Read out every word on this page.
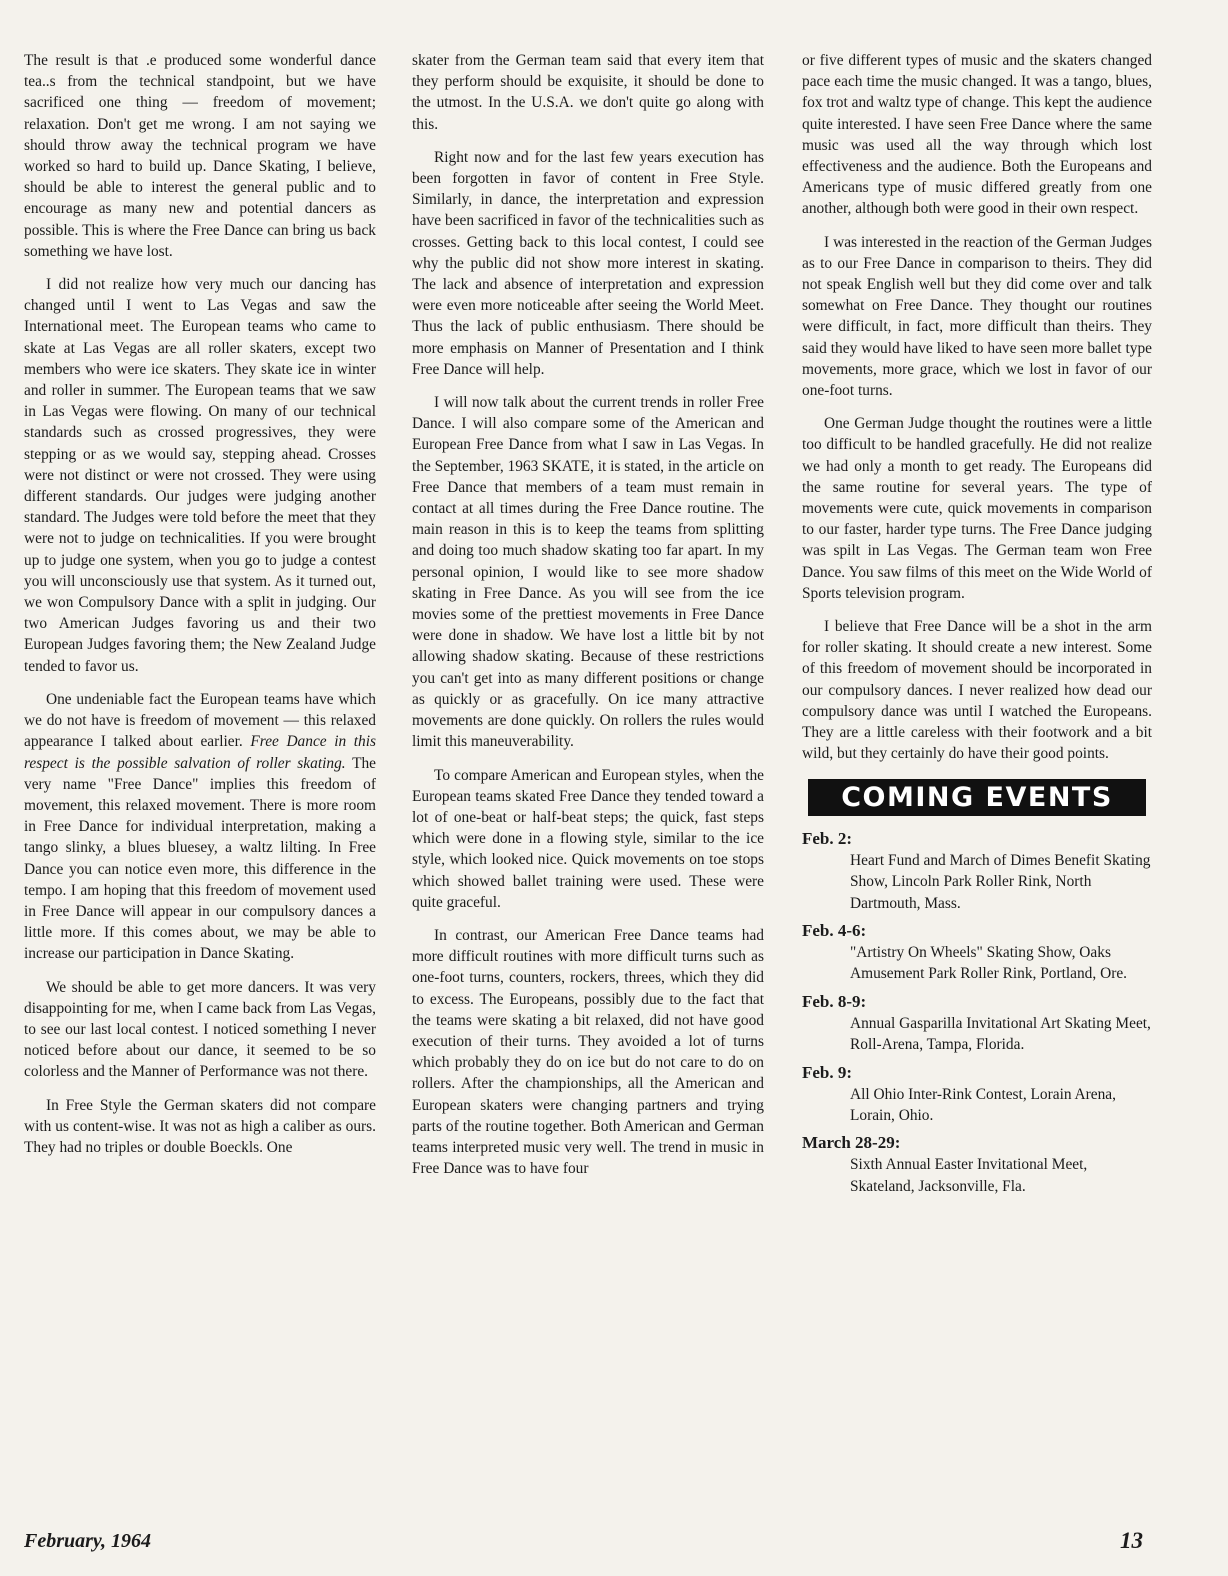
The result is that .e produced some wonderful dance tea..s from the technical standpoint, but we have sacrificed one thing — freedom of movement; relaxation. Don't get me wrong. I am not saying we should throw away the technical program we have worked so hard to build up. Dance Skating, I believe, should be able to interest the general public and to encourage as many new and potential dancers as possible. This is where the Free Dance can bring us back something we have lost.

I did not realize how very much our dancing has changed until I went to Las Vegas and saw the International meet. The European teams who came to skate at Las Vegas are all roller skaters, except two members who were ice skaters. They skate ice in winter and roller in summer. The European teams that we saw in Las Vegas were flowing. On many of our technical standards such as crossed progressives, they were stepping or as we would say, stepping ahead. Crosses were not distinct or were not crossed. They were using different standards. Our judges were judging another standard. The Judges were told before the meet that they were not to judge on technicalities. If you were brought up to judge one system, when you go to judge a contest you will unconsciously use that system. As it turned out, we won Compulsory Dance with a split in judging. Our two American Judges favoring us and their two European Judges favoring them; the New Zealand Judge tended to favor us.

One undeniable fact the European teams have which we do not have is freedom of movement — this relaxed appearance I talked about earlier. Free Dance in this respect is the possible salvation of roller skating. The very name "Free Dance" implies this freedom of movement, this relaxed movement. There is more room in Free Dance for individual interpretation, making a tango slinky, a blues bluesey, a waltz lilting. In Free Dance you can notice even more, this difference in the tempo. I am hoping that this freedom of movement used in Free Dance will appear in our compulsory dances a little more. If this comes about, we may be able to increase our participation in Dance Skating.

We should be able to get more dancers. It was very disappointing for me, when I came back from Las Vegas, to see our last local contest. I noticed something I never noticed before about our dance, it seemed to be so colorless and the Manner of Performance was not there.

In Free Style the German skaters did not compare with us content-wise. It was not as high a caliber as ours. They had no triples or double Boeckls. One

skater from the German team said that every item that they perform should be exquisite, it should be done to the utmost. In the U.S.A. we don't quite go along with this.

Right now and for the last few years execution has been forgotten in favor of content in Free Style. Similarly, in dance, the interpretation and expression have been sacrificed in favor of the technicalities such as crosses. Getting back to this local contest, I could see why the public did not show more interest in skating. The lack and absence of interpretation and expression were even more noticeable after seeing the World Meet. Thus the lack of public enthusiasm. There should be more emphasis on Manner of Presentation and I think Free Dance will help.

I will now talk about the current trends in roller Free Dance. I will also compare some of the American and European Free Dance from what I saw in Las Vegas. In the September, 1963 SKATE, it is stated, in the article on Free Dance that members of a team must remain in contact at all times during the Free Dance routine. The main reason in this is to keep the teams from splitting and doing too much shadow skating too far apart. In my personal opinion, I would like to see more shadow skating in Free Dance. As you will see from the ice movies some of the prettiest movements in Free Dance were done in shadow. We have lost a little bit by not allowing shadow skating. Because of these restrictions you can't get into as many different positions or change as quickly or as gracefully. On ice many attractive movements are done quickly. On rollers the rules would limit this maneuverability.

To compare American and European styles, when the European teams skated Free Dance they tended toward a lot of one-beat or half-beat steps; the quick, fast steps which were done in a flowing style, similar to the ice style, which looked nice. Quick movements on toe stops which showed ballet training were used. These were quite graceful.

In contrast, our American Free Dance teams had more difficult routines with more difficult turns such as one-foot turns, counters, rockers, threes, which they did to excess. The Europeans, possibly due to the fact that the teams were skating a bit relaxed, did not have good execution of their turns. They avoided a lot of turns which probably they do on ice but do not care to do on rollers. After the championships, all the American and European skaters were changing partners and trying parts of the routine together. Both American and German teams interpreted music very well. The trend in music in Free Dance was to have four

or five different types of music and the skaters changed pace each time the music changed. It was a tango, blues, fox trot and waltz type of change. This kept the audience quite interested. I have seen Free Dance where the same music was used all the way through which lost effectiveness and the audience. Both the Europeans and Americans type of music differed greatly from one another, although both were good in their own respect.

I was interested in the reaction of the German Judges as to our Free Dance in comparison to theirs. They did not speak English well but they did come over and talk somewhat on Free Dance. They thought our routines were difficult, in fact, more difficult than theirs. They said they would have liked to have seen more ballet type movements, more grace, which we lost in favor of our one-foot turns.

One German Judge thought the routines were a little too difficult to be handled gracefully. He did not realize we had only a month to get ready. The Europeans did the same routine for several years. The type of movements were cute, quick movements in comparison to our faster, harder type turns. The Free Dance judging was spilt in Las Vegas. The German team won Free Dance. You saw films of this meet on the Wide World of Sports television program.

I believe that Free Dance will be a shot in the arm for roller skating. It should create a new interest. Some of this freedom of movement should be incorporated in our compulsory dances. I never realized how dead our compulsory dance was until I watched the Europeans. They are a little careless with their footwork and a bit wild, but they certainly do have their good points.

COMING EVENTS
Feb. 2:
Heart Fund and March of Dimes Benefit Skating Show, Lincoln Park Roller Rink, North Dartmouth, Mass.
Feb. 4-6:
"Artistry On Wheels" Skating Show, Oaks Amusement Park Roller Rink, Portland, Ore.
Feb. 8-9:
Annual Gasparilla Invitational Art Skating Meet, Roll-Arena, Tampa, Florida.
Feb. 9:
All Ohio Inter-Rink Contest, Lorain Arena, Lorain, Ohio.
March 28-29:
Sixth Annual Easter Invitational Meet, Skateland, Jacksonville, Fla.
February, 1964	13
